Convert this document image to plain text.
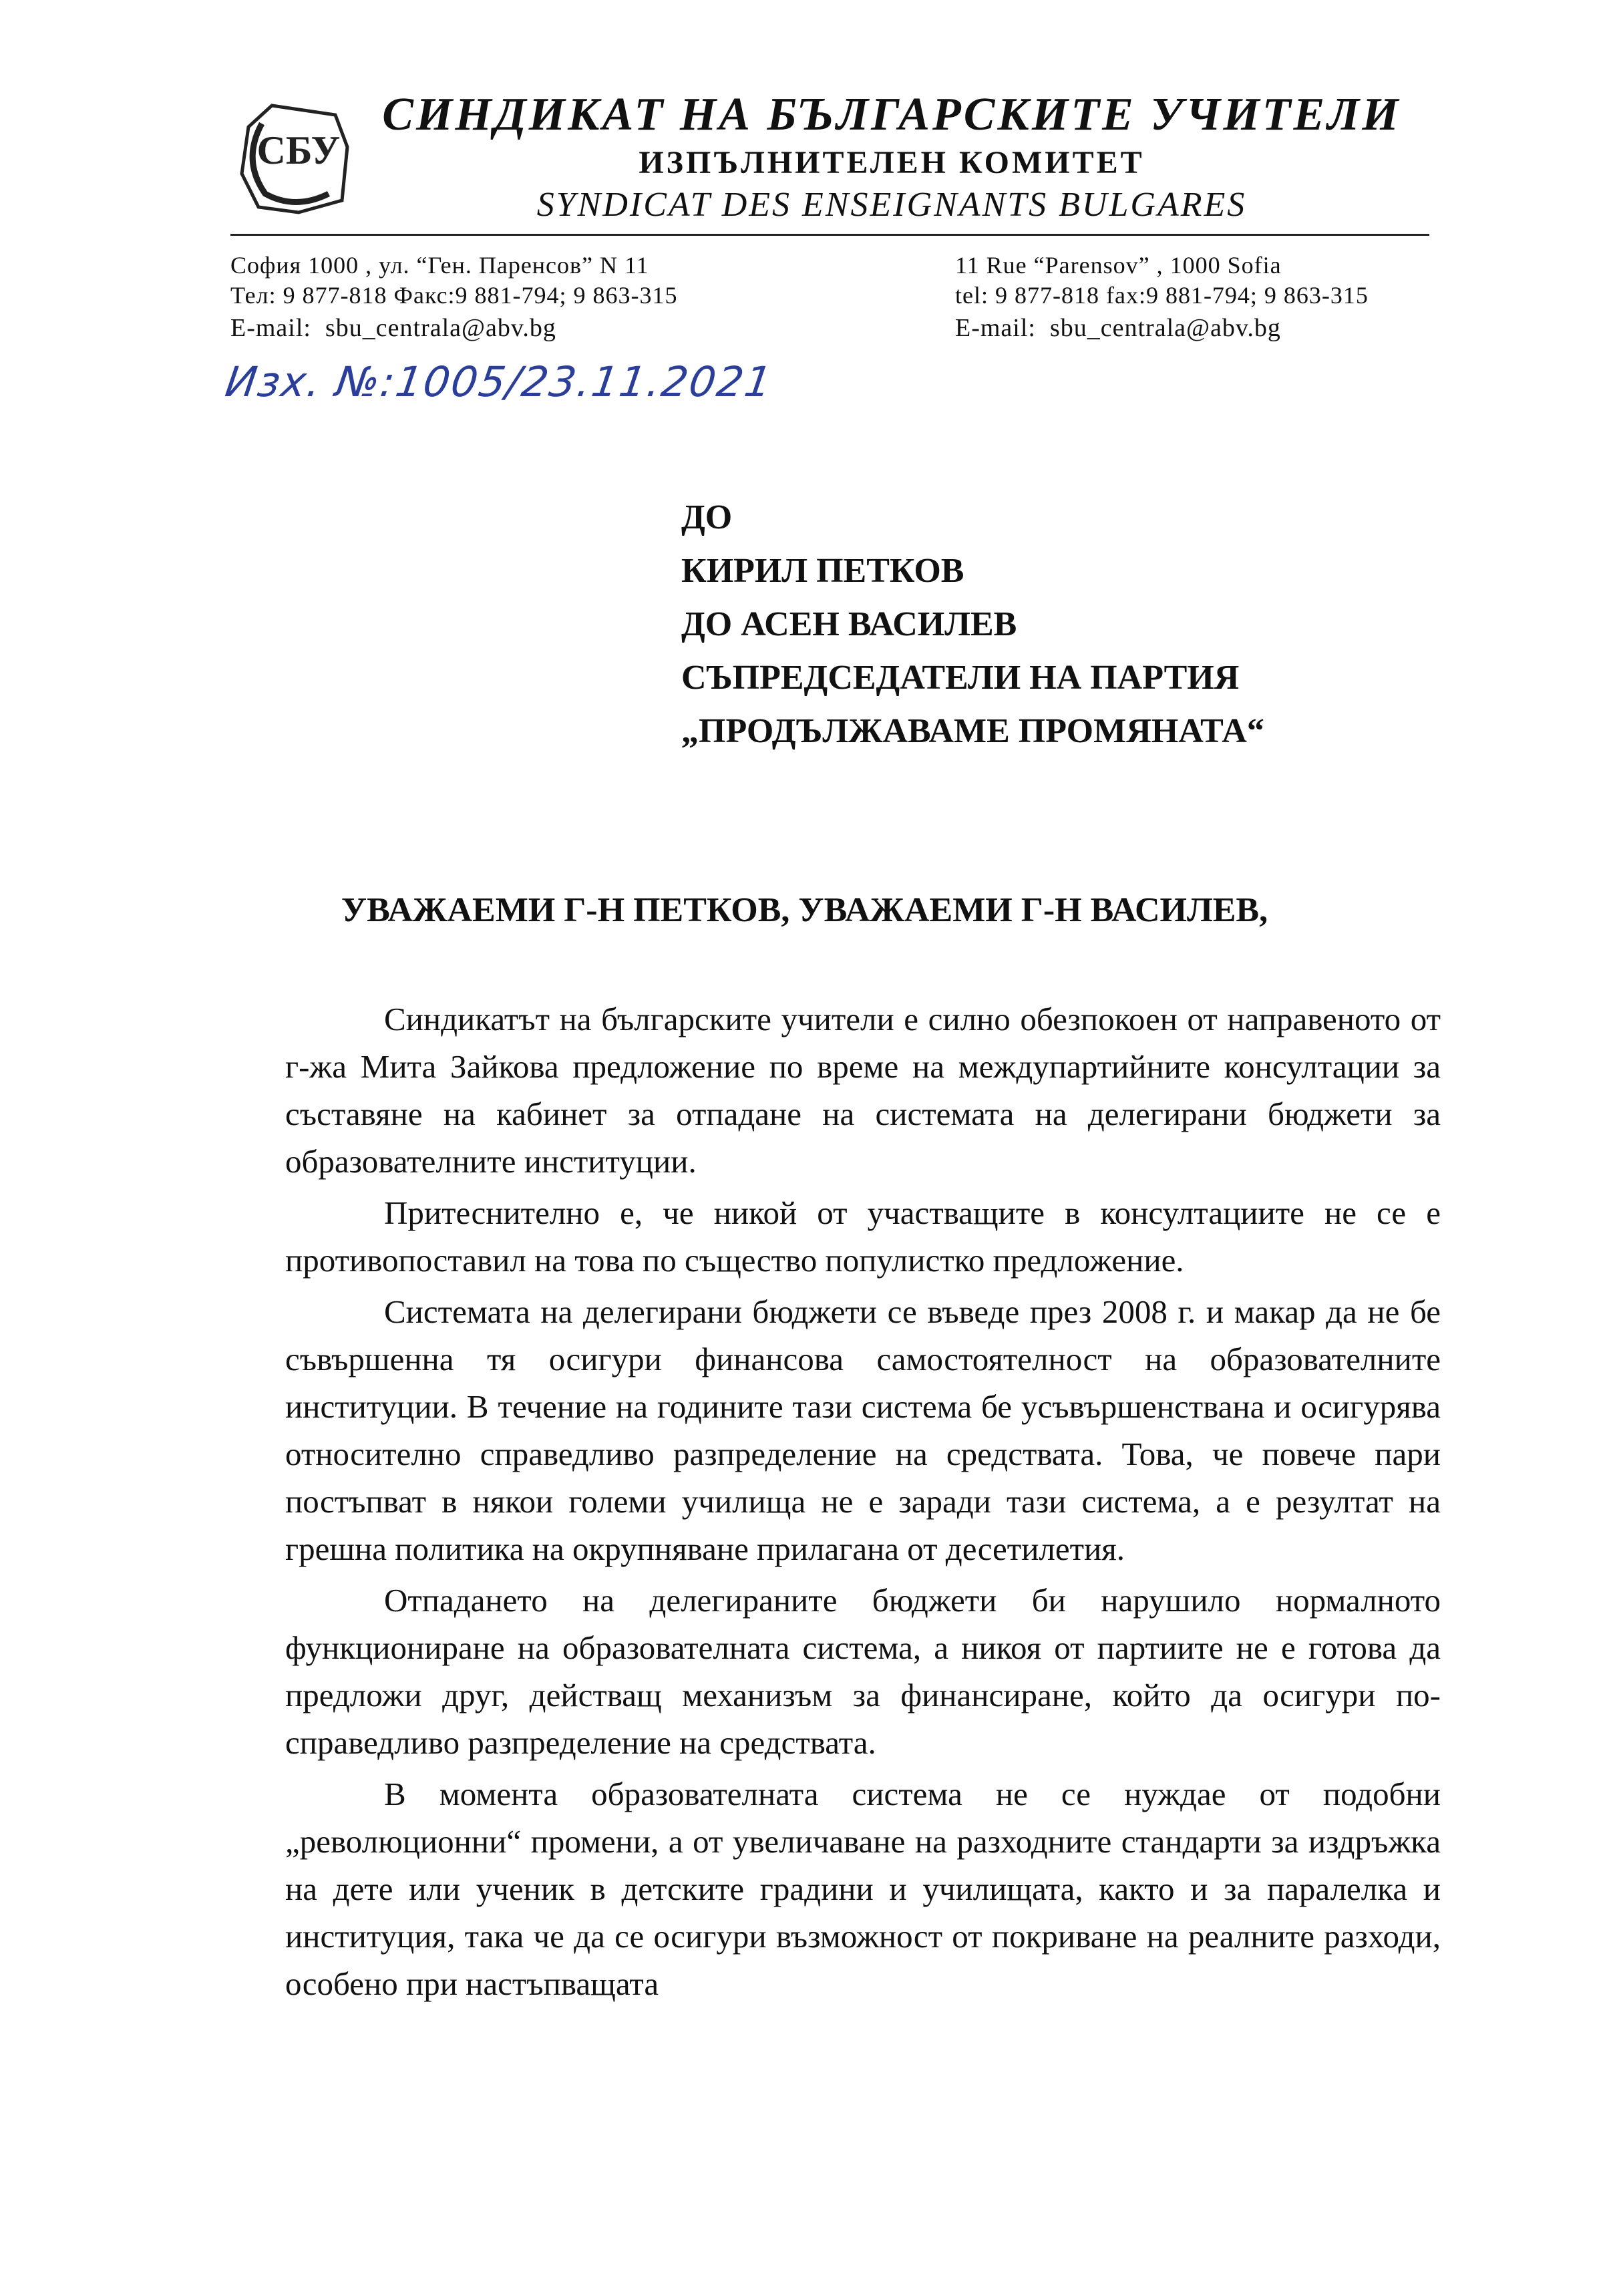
СБУ
СИНДИКАТ НА БЪЛГАРСКИТЕ УЧИТЕЛИ
ИЗПЪЛНИТЕЛЕН КОМИТЕТ
SYNDICAT DES ENSEIGNANTS BULGARES
София 1000 , ул. “Ген. Паренсов” N 11
Тел: 9 877-818 Факс:9 881-794; 9 863-315
E-mail: sbu_centrala@abv.bg
11 Rue “Parensov” , 1000 Sofia
tel: 9 877-818 fax:9 881-794; 9 863-315
E-mail: sbu_centrala@abv.bg
Изх. №:1005/23.11.2021
ДО
КИРИЛ ПЕТКОВ
ДО АСЕН ВАСИЛЕВ
СЪПРЕДСЕДАТЕЛИ НА ПАРТИЯ
„ПРОДЪЛЖАВАМЕ ПРОМЯНАТА“
УВАЖАЕМИ Г-Н ПЕТКОВ, УВАЖАЕМИ Г-Н ВАСИЛЕВ,

Синдикатът на българските учители е силно обезпокоен от направеното от г-жа Мита Зайкова предложение по време на междупартийните консултации за съставяне на кабинет за отпадане на системата на делегирани бюджети за образователните институции.

Притеснително е, че никой от участващите в консултациите не се е противопоставил на това по същество популистко предложение.

Системата на делегирани бюджети се въведе през 2008 г. и макар да не бе съвършенна тя осигури финансова самостоятелност на образователните институции. В течение на годините тази система бе усъвършенствана и осигурява относително справедливо разпределение на средствата. Това, че повече пари постъпват в някои големи училища не е заради тази система, а е резултат на грешна политика на окрупняване прилагана от десетилетия.

Отпадането на делегираните бюджети би нарушило нормалното функциониране на образователната система, а никоя от партиите не е готова да предложи друг, действащ механизъм за финансиране, който да осигури по-справедливо разпределение на средствата.

В момента образователната система не се нуждае от подобни „революционни“ промени, а от увеличаване на разходните стандарти за издръжка на дете или ученик в детските градини и училищата, както и за паралелка и институция, така че да се осигури възможност от покриване на реалните разходи, особено при настъпващата
